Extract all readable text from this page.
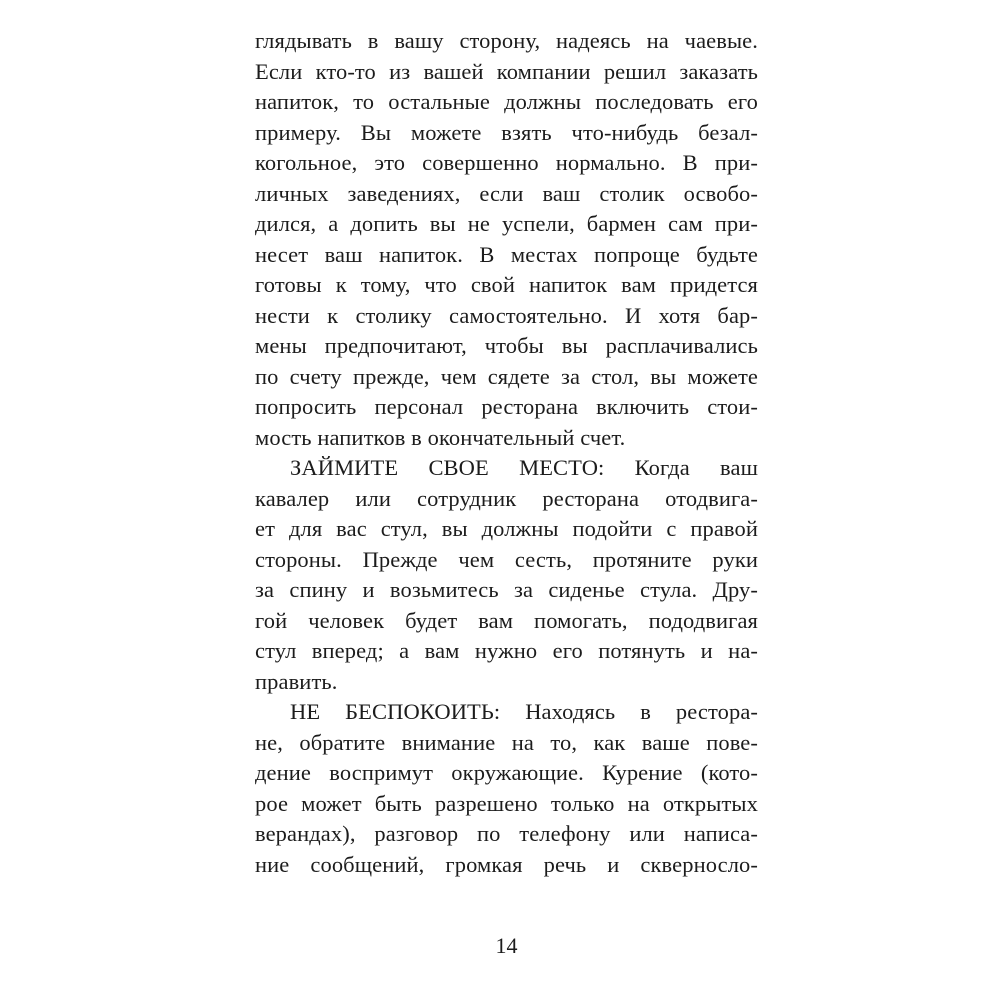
глядывать в вашу сторону, надеясь на чаевые.
Если кто-то из вашей компании решил заказать
напиток, то остальные должны последовать его
примеру. Вы можете взять что-нибудь безал-
когольное, это совершенно нормально. В при-
личных заведениях, если ваш столик освобо-
дился, а допить вы не успели, бармен сам при-
несет ваш напиток. В местах попроще будьте
готовы к тому, что свой напиток вам придется
нести к столику самостоятельно. И хотя бар-
мены предпочитают, чтобы вы расплачивались
по счету прежде, чем сядете за стол, вы можете
попросить персонал ресторана включить стои-
мость напитков в окончательный счет.
ЗАЙМИТЕ СВОЕ МЕСТО: Когда ваш
кавалер или сотрудник ресторана отодвига-
ет для вас стул, вы должны подойти с правой
стороны. Прежде чем сесть, протяните руки
за спину и возьмитесь за сиденье стула. Дру-
гой человек будет вам помогать, пододвигая
стул вперед; а вам нужно его потянуть и на-
править.
НЕ БЕСПОКОИТЬ: Находясь в рестора-
не, обратите внимание на то, как ваше пове-
дение воспримут окружающие. Курение (кото-
рое может быть разрешено только на открытых
верандах), разговор по телефону или написа-
ние сообщений, громкая речь и скверносло-
14
